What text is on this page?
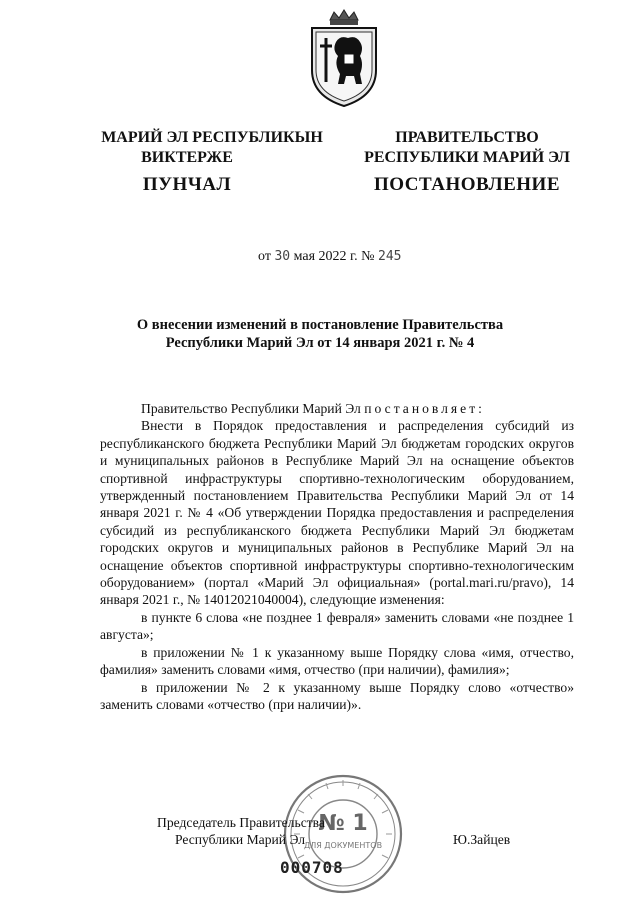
МАРИЙ ЭЛ РЕСПУБЛИКЫН
ВИКТЕРЖЕ
ПРАВИТЕЛЬСТВО
РЕСПУБЛИКИ МАРИЙ ЭЛ
ПУНЧАЛ	ПОСТАНОВЛЕНИЕ
от 30 мая 2022 г. № 245
О внесении изменений в постановление Правительства
Республики Марий Эл от 14 января 2021 г. № 4

Правительство Республики Марий Эл постановляет:

Внести в Порядок предоставления и распределения субсидий из республиканского бюджета Республики Марий Эл бюджетам городских округов и муниципальных районов в Республике Марий Эл на оснащение объектов спортивной инфраструктуры спортивно-технологическим оборудованием, утвержденный постановлением Правительства Республики Марий Эл от 14 января 2021 г. № 4 «Об утверждении Порядка предоставления и распределения субсидий из республиканского бюджета Республики Марий Эл бюджетам городских округов и муниципальных районов в Республике Марий Эл на оснащение объектов спортивной инфраструктуры спортивно-технологическим оборудованием» (портал «Марий Эл официальная» (portal.mari.ru/pravo), 14 января 2021 г., № 14012021040004), следующие изменения:

в пункте 6 слова «не позднее 1 февраля» заменить словами «не позднее 1 августа»;

в приложении № 1 к указанному выше Порядку слова «имя, отчество, фамилия» заменить словами «имя, отчество (при наличии), фамилия»;

в приложении № 2 к указанному выше Порядку слово «отчество» заменить словами «отчество (при наличии)».

№ 1
ДЛЯ ДОКУМЕНТОВ
Председатель Правительства
Республики Марий Эл	Ю.Зайцев
000708
